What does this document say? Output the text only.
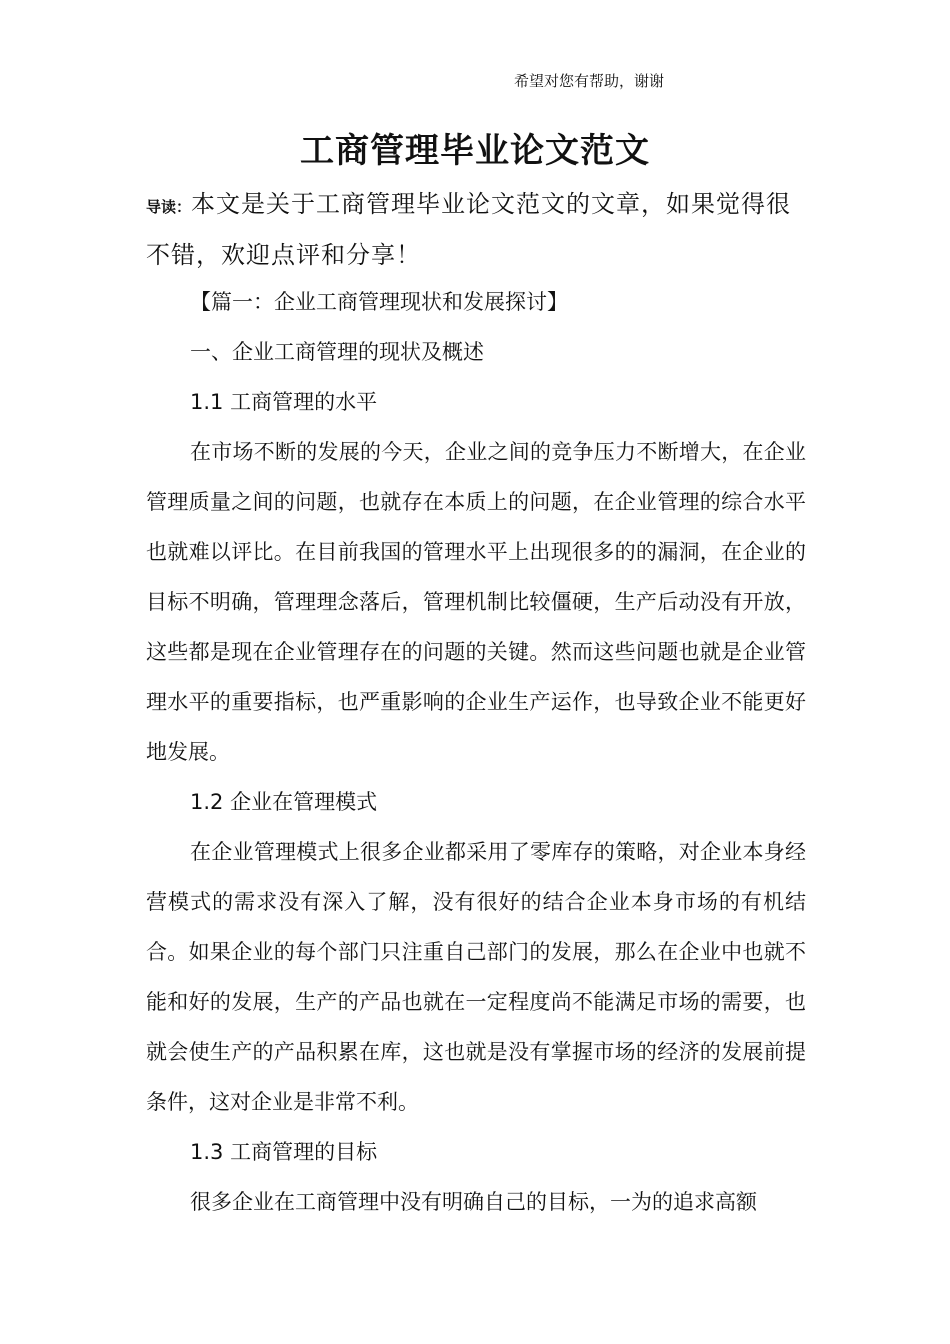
希望对您有帮助，谢谢
工商管理毕业论文范文
导读：本文是关于工商管理毕业论文范文的文章，如果觉得很不错，欢迎点评和分享！

【篇一：企业工商管理现状和发展探讨】

一、企业工商管理的现状及概述

1.1 工商管理的水平

在市场不断的发展的今天，企业之间的竞争压力不断增大，在企业管理质量之间的问题，也就存在本质上的问题，在企业管理的综合水平也就难以评比。在目前我国的管理水平上出现很多的的漏洞，在企业的目标不明确，管理理念落后，管理机制比较僵硬，生产后动没有开放，这些都是现在企业管理存在的问题的关键。然而这些问题也就是企业管理水平的重要指标，也严重影响的企业生产运作，也导致企业不能更好地发展。

1.2 企业在管理模式

在企业管理模式上很多企业都采用了零库存的策略，对企业本身经营模式的需求没有深入了解，没有很好的结合企业本身市场的有机结合。如果企业的每个部门只注重自己部门的发展，那么在企业中也就不能和好的发展，生产的产品也就在一定程度尚不能满足市场的需要，也就会使生产的产品积累在库，这也就是没有掌握市场的经济的发展前提条件，这对企业是非常不利。

1.3 工商管理的目标

很多企业在工商管理中没有明确自己的目标，一为的追求高额
